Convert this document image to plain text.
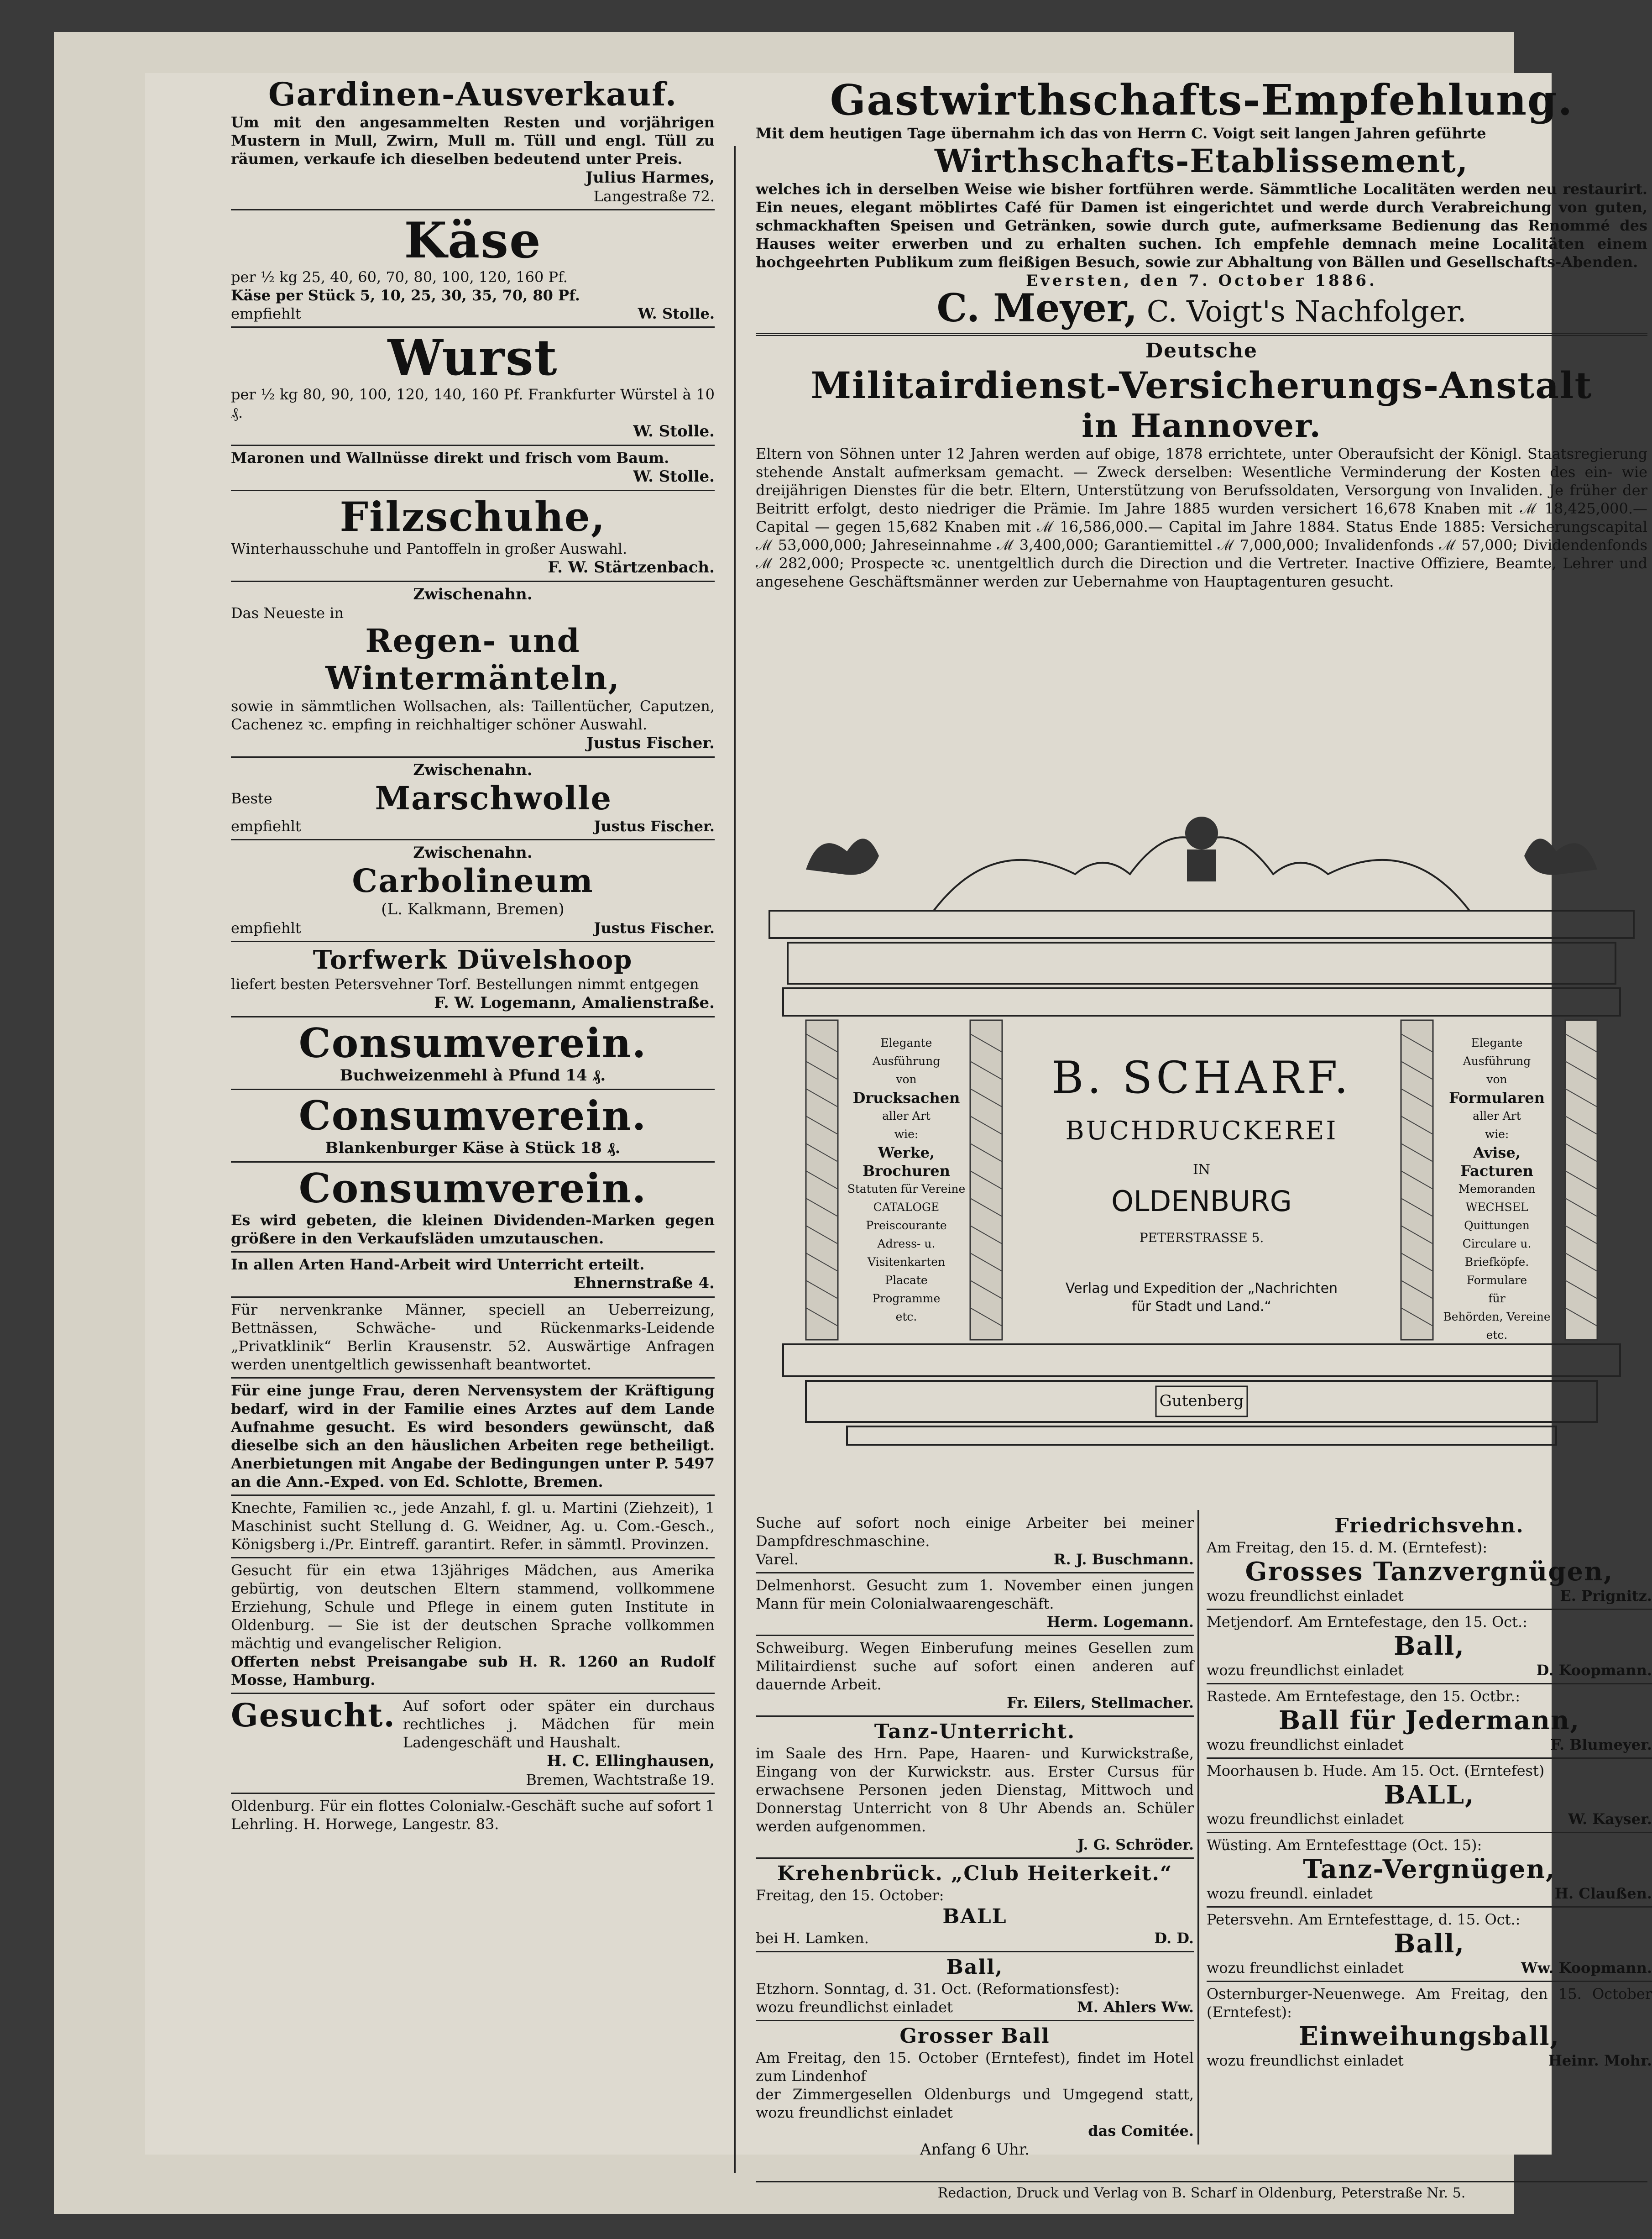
Gardinen-Ausverkauf.
Um mit den angesammelten Resten und vorjährigen Mustern in Mull, Zwirn, Mull m. Tüll und engl. Tüll zu räumen, verkaufe ich dieselben bedeutend unter Preis.
Julius Harmes,
Langestraße 72.
Käse
per ½ kg 25, 40, 60, 70, 80, 100, 120, 160 Pf.
Käse per Stück 5, 10, 25, 30, 35, 70, 80 Pf.
empfiehlt	W. Stolle.
Wurst
per ½ kg 80, 90, 100, 120, 140, 160 Pf. Frankfurter Würstel à 10 ₰.
W. Stolle.
Maronen und Wallnüsse direkt und frisch vom Baum.
W. Stolle.
Filzschuhe,
Winterhausschuhe und Pantoffeln in großer Auswahl.
F. W. Stärtzenbach.
Zwischenahn.
Das Neueste in
Regen- und Wintermänteln,
sowie in sämmtlichen Wollsachen, als: Taillentücher, Caputzen, Cachenez ꝛc. empfing in reichhaltiger schöner Auswahl.
Justus Fischer.
Zwischenahn.
Beste	Marschwolle
empfiehlt	Justus Fischer.
Zwischenahn.
Carbolineum
(L. Kalkmann, Bremen)
empfiehlt	Justus Fischer.
Torfwerk Düvelshoop
liefert besten Petersvehner Torf. Bestellungen nimmt entgegen
F. W. Logemann, Amalienstraße.
Consumverein.
Buchweizenmehl à Pfund 14 ₰.
Consumverein.
Blankenburger Käse à Stück 18 ₰.
Consumverein.
Es wird gebeten, die kleinen Dividenden-Marken gegen größere in den Verkaufsläden umzutauschen.
In allen Arten Hand-Arbeit wird Unterricht erteilt.
Ehnernstraße 4.
Für nervenkranke Männer, speciell an Ueberreizung, Bettnässen, Schwäche- und Rückenmarks-Leidende „Privatklinik“ Berlin Krausenstr. 52. Auswärtige Anfragen werden unentgeltlich gewissenhaft beantwortet.
Für eine junge Frau, deren Nervensystem der Kräftigung bedarf, wird in der Familie eines Arztes auf dem Lande Aufnahme gesucht. Es wird besonders gewünscht, daß dieselbe sich an den häuslichen Arbeiten rege betheiligt. Anerbietungen mit Angabe der Bedingungen unter P. 5497 an die Ann.-Exped. von Ed. Schlotte, Bremen.
Knechte, Familien ꝛc., jede Anzahl, f. gl. u. Martini (Ziehzeit), 1 Maschinist sucht Stellung d. G. Weidner, Ag. u. Com.-Gesch., Königsberg i./Pr. Eintreff. garantirt. Refer. in sämmtl. Provinzen.
Gesucht für ein etwa 13jähriges Mädchen, aus Amerika gebürtig, von deutschen Eltern stammend, vollkommene Erziehung, Schule und Pflege in einem guten Institute in Oldenburg. — Sie ist der deutschen Sprache vollkommen mächtig und evangelischer Religion.
Offerten nebst Preisangabe sub H. R. 1260 an Rudolf Mosse, Hamburg.
Gesucht. Auf sofort oder später ein durchaus rechtliches j. Mädchen für mein Ladengeschäft und Haushalt.
H. C. Ellinghausen,
Bremen, Wachtstraße 19.
Oldenburg. Für ein flottes Colonialw.-Geschäft suche auf sofort 1 Lehrling. H. Horwege, Langestr. 83.
Gastwirthschafts-Empfehlung.
Mit dem heutigen Tage übernahm ich das von Herrn C. Voigt seit langen Jahren geführte
Wirthschafts-Etablissement,
welches ich in derselben Weise wie bisher fortführen werde. Sämmtliche Localitäten werden neu restaurirt. Ein neues, elegant möblirtes Café für Damen ist eingerichtet und werde durch Verabreichung von guten, schmackhaften Speisen und Getränken, sowie durch gute, aufmerksame Bedienung das Renommé des Hauses weiter erwerben und zu erhalten suchen. Ich empfehle demnach meine Localitäten einem hochgeehrten Publikum zum fleißigen Besuch, sowie zur Abhaltung von Bällen und Gesellschafts-Abenden.
Eversten, den 7. October 1886.
C. Meyer, C. Voigt's Nachfolger.
Deutsche
Militairdienst-Versicherungs-Anstalt
in Hannover.
Eltern von Söhnen unter 12 Jahren werden auf obige, 1878 errichtete, unter Oberaufsicht der Königl. Staatsregierung stehende Anstalt aufmerksam gemacht. — Zweck derselben: Wesentliche Verminderung der Kosten des ein- wie dreijährigen Dienstes für die betr. Eltern, Unterstützung von Berufssoldaten, Versorgung von Invaliden. Je früher der Beitritt erfolgt, desto niedriger die Prämie. Im Jahre 1885 wurden versichert 16,678 Knaben mit ℳ 18,425,000.— Capital — gegen 15,682 Knaben mit ℳ 16,586,000.— Capital im Jahre 1884. Status Ende 1885: Versicherungscapital ℳ 53,000,000; Jahreseinnahme ℳ 3,400,000; Garantiemittel ℳ 7,000,000; Invalidenfonds ℳ 57,000; Dividendenfonds ℳ 282,000; Prospecte ꝛc. unentgeltlich durch die Direction und die Vertreter. Inactive Offiziere, Beamte, Lehrer und angesehene Geschäftsmänner werden zur Uebernahme von Hauptagenturen gesucht.
Gutenberg
B. SCHARF.
BUCHDRUCKEREI
IN
OLDENBURG
PETERSTRASSE 5.
Verlag und Expedition der „Nachrichten
für Stadt und Land.“
Elegante Ausführung
von
Drucksachen
aller Art
wie:
Werke, Brochuren
Statuten für Vereine
CATALOGE
Preiscourante
Adress- u. Visitenkarten
Placate
Programme
etc.
Elegante Ausführung
von
Formularen
aller Art
wie:
Avise, Facturen
Memoranden
WECHSEL
Quittungen
Circulare u. Briefköpfe.
Formulare
für
Behörden, Vereine
etc.
Suche auf sofort noch einige Arbeiter bei meiner Dampfdreschmaschine.
Varel.	R. J. Buschmann.
Delmenhorst. Gesucht zum 1. November einen jungen Mann für mein Colonialwaarengeschäft.
Herm. Logemann.
Schweiburg. Wegen Einberufung meines Gesellen zum Militairdienst suche auf sofort einen anderen auf dauernde Arbeit.
Fr. Eilers, Stellmacher.
Tanz-Unterricht.
im Saale des Hrn. Pape, Haaren- und Kurwickstraße, Eingang von der Kurwickstr. aus. Erster Cursus für erwachsene Personen jeden Dienstag, Mittwoch und Donnerstag Unterricht von 8 Uhr Abends an. Schüler werden aufgenommen.
J. G. Schröder.
Krehenbrück. „Club Heiterkeit.“
Freitag, den 15. October:
BALL
bei H. Lamken.	D. D.
Ball,
Etzhorn. Sonntag, d. 31. Oct. (Reformationsfest):
wozu freundlichst einladet	M. Ahlers Ww.
Grosser Ball
Am Freitag, den 15. October (Erntefest), findet im Hotel zum Lindenhof
der Zimmergesellen Oldenburgs und Umgegend statt, wozu freundlichst einladet
das Comitée.
Anfang 6 Uhr.
Friedrichsvehn.
Am Freitag, den 15. d. M. (Erntefest):
Grosses Tanzvergnügen,
wozu freundlichst einladet	E. Prignitz.
Metjendorf. Am Erntefestage, den 15. Oct.:
Ball,
wozu freundlichst einladet	D. Koopmann.
Rastede. Am Erntefestage, den 15. Octbr.:
Ball für Jedermann,
wozu freundlichst einladet	F. Blumeyer.
Moorhausen b. Hude. Am 15. Oct. (Erntefest)
BALL,
wozu freundlichst einladet	W. Kayser.
Wüsting. Am Erntefesttage (Oct. 15):
Tanz-Vergnügen,
wozu freundl. einladet	H. Claußen.
Petersvehn. Am Erntefesttage, d. 15. Oct.:
Ball,
wozu freundlichst einladet	Ww. Koopmann.
Osternburger-Neuenwege. Am Freitag, den 15. October (Erntefest):
Einweihungsball,
wozu freundlichst einladet	Heinr. Mohr.
Redaction, Druck und Verlag von B. Scharf in Oldenburg, Peterstraße Nr. 5.
